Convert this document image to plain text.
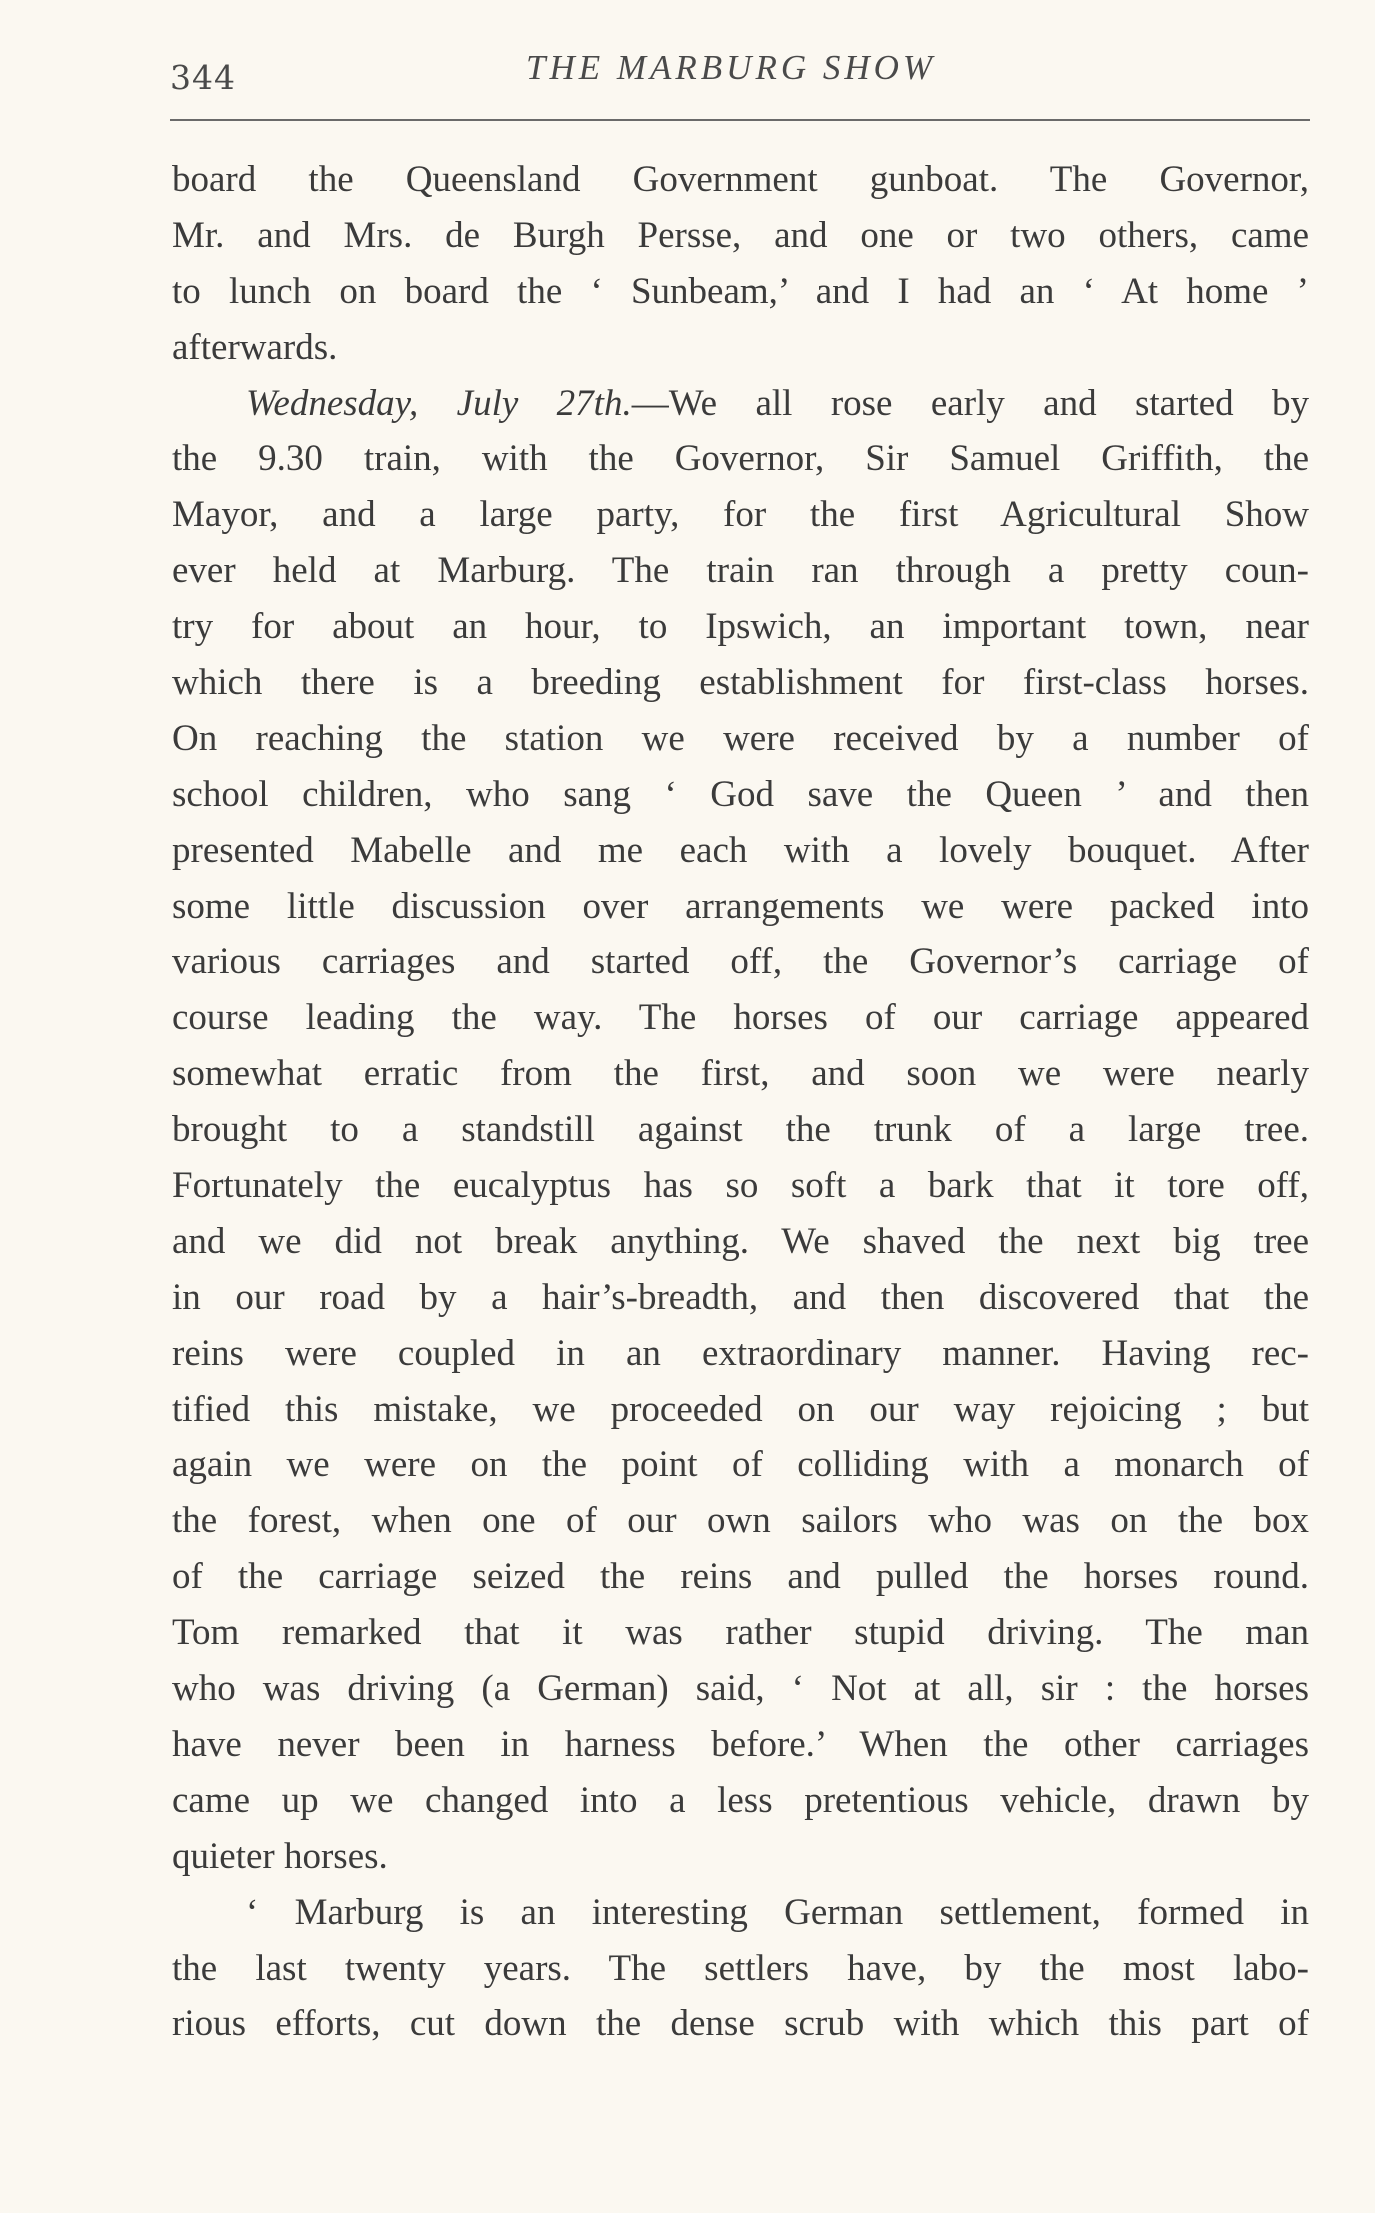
344	THE MARBURG SHOW
board the Queensland Government gunboat. The Governor,
Mr. and Mrs. de Burgh Persse, and one or two others, came
to lunch on board the ‘ Sunbeam,’ and I had an ‘ At home ’
afterwards.
Wednesday, July 27th.—We all rose early and started by
the 9.30 train, with the Governor, Sir Samuel Griffith, the
Mayor, and a large party, for the first Agricultural Show
ever held at Marburg. The train ran through a pretty coun-
try for about an hour, to Ipswich, an important town, near
which there is a breeding establishment for first-class horses.
On reaching the station we were received by a number of
school children, who sang ‘ God save the Queen ’ and then
presented Mabelle and me each with a lovely bouquet. After
some little discussion over arrangements we were packed into
various carriages and started off, the Governor’s carriage of
course leading the way. The horses of our carriage appeared
somewhat erratic from the first, and soon we were nearly
brought to a standstill against the trunk of a large tree.
Fortunately the eucalyptus has so soft a bark that it tore off,
and we did not break anything. We shaved the next big tree
in our road by a hair’s-breadth, and then discovered that the
reins were coupled in an extraordinary manner. Having rec-
tified this mistake, we proceeded on our way rejoicing ; but
again we were on the point of colliding with a monarch of
the forest, when one of our own sailors who was on the box
of the carriage seized the reins and pulled the horses round.
Tom remarked that it was rather stupid driving. The man
who was driving (a German) said, ‘ Not at all, sir : the horses
have never been in harness before.’ When the other carriages
came up we changed into a less pretentious vehicle, drawn by
quieter horses.
‘ Marburg is an interesting German settlement, formed in
the last twenty years. The settlers have, by the most labo-
rious efforts, cut down the dense scrub with which this part of
